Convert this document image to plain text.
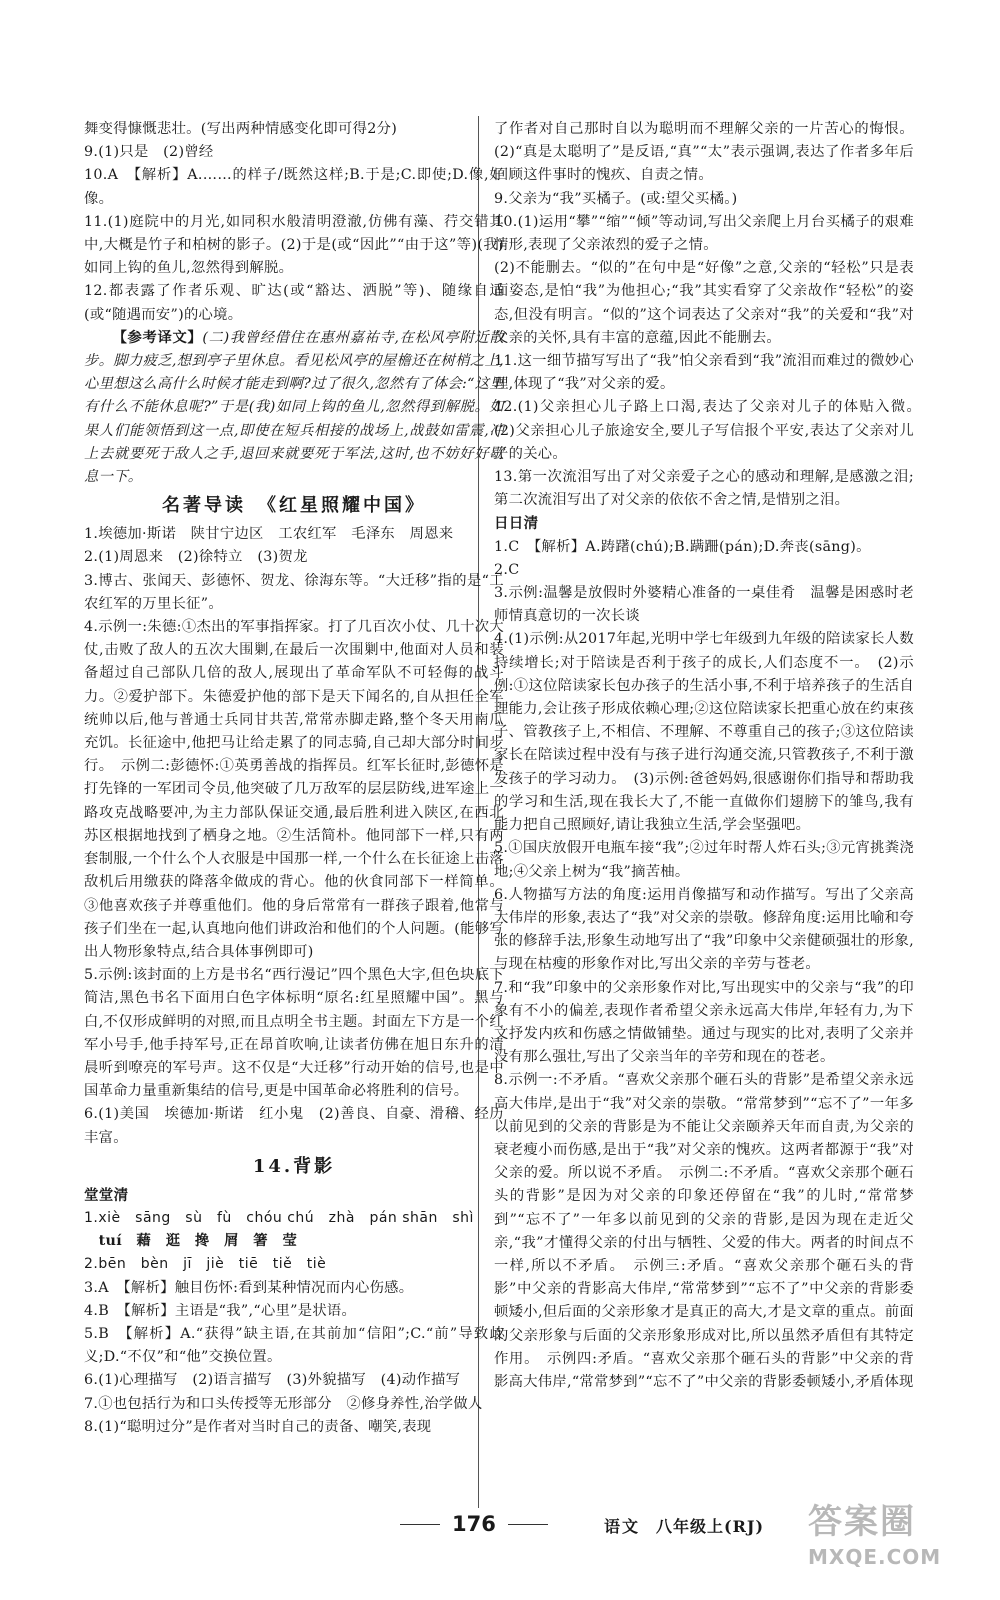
舞变得慷慨悲壮。(写出两种情感变化即可得2分)

9.(1)只是　(2)曾经

10.A　【解析】A.……的样子/既然这样;B.于是;C.即使;D.像,好像。

11.(1)庭院中的月光,如同积水般清明澄澈,仿佛有藻、荇交错其中,大概是竹子和柏树的影子。(2)于是(或“因此”“由于这”等)(我)如同上钩的鱼儿,忽然得到解脱。

12.都表露了作者乐观、旷达(或“豁达、洒脱”等)、随缘自适(或“随遇而安”)的心境。

【参考译文】(二)我曾经借住在惠州嘉祐寺,在松风亭附近散步。脚力疲乏,想到亭子里休息。看见松风亭的屋檐还在树梢之上,心里想这么高什么时候才能走到啊?过了很久,忽然有了体会:“这里有什么不能休息呢?”于是(我)如同上钩的鱼儿,忽然得到解脱。如果人们能领悟到这一点,即使在短兵相接的战场上,战鼓如雷震,冲上去就要死于敌人之手,退回来就要死于军法,这时,也不妨好好歇息一下。

名著导读　《红星照耀中国》

1.埃德加·斯诺　陕甘宁边区　工农红军　毛泽东　周恩来

2.(1)周恩来　(2)徐特立　(3)贺龙

3.博古、张闻天、彭德怀、贺龙、徐海东等。“大迁移”指的是“工农红军的万里长征”。

4.示例一:朱德:①杰出的军事指挥家。打了几百次小仗、几十次大仗,击败了敌人的五次大围剿,在最后一次围剿中,他面对人员和装备超过自己部队几倍的敌人,展现出了革命军队不可轻侮的战斗力。②爱护部下。朱德爱护他的部下是天下闻名的,自从担任全军统帅以后,他与普通士兵同甘共苦,常常赤脚走路,整个冬天用南瓜充饥。长征途中,他把马让给走累了的同志骑,自己却大部分时间步行。　示例二:彭德怀:①英勇善战的指挥员。红军长征时,彭德怀是打先锋的一军团司令员,他突破了几万敌军的层层防线,进军途上一路攻克战略要冲,为主力部队保证交通,最后胜利进入陕区,在西北苏区根据地找到了栖身之地。②生活简朴。他同部下一样,只有两套制服,一个什么个人衣服是中国那一样,一个什么在长征途上击落敌机后用缴获的降落伞做成的背心。他的伙食同部下一样简单。③他喜欢孩子并尊重他们。他的身后常常有一群孩子跟着,他常与孩子们坐在一起,认真地向他们讲政治和他们的个人问题。(能够写出人物形象特点,结合具体事例即可)

5.示例:该封面的上方是书名“西行漫记”四个黑色大字,但色块底下简洁,黑色书名下面用白色字体标明“原名:红星照耀中国”。黑与白,不仅形成鲜明的对照,而且点明全书主题。封面左下方是一个红军小号手,他手持军号,正在昂首吹响,让读者仿佛在旭日东升的清晨听到嘹亮的军号声。这不仅是“大迁移”行动开始的信号,也是中国革命力量重新集结的信号,更是中国革命必将胜利的信号。

6.(1)美国　埃德加·斯诺　红小鬼　(2)善良、自豪、滑稽、经历丰富。

14.背影
堂堂清

1.xiè　sāng　sù　fù　chóu chú　zhà　pán shān　shì

　tuí　藉　逛　搀　屑　箸　莹

2.bēn　bèn　jī　jiè　tiē　tiě　tiè

3.A　【解析】触目伤怀:看到某种情况而内心伤感。

4.B　【解析】主语是“我”,“心里”是状语。

5.B　【解析】A.“获得”缺主语,在其前加“信阳”;C.“前”导致歧义;D.“不仅”和“他”交换位置。

6.(1)心理描写　(2)语言描写　(3)外貌描写　(4)动作描写

7.①也包括行为和口头传授等无形部分　②修身养性,治学做人

8.(1)“聪明过分”是作者对当时自己的责备、嘲笑,表现

了作者对自己那时自以为聪明而不理解父亲的一片苦心的悔恨。(2)“真是太聪明了”是反语,“真”“太”表示强调,表达了作者多年后回顾这件事时的愧疚、自责之情。

9.父亲为“我”买橘子。(或:望父买橘。)

10.(1)运用“攀”“缩”“倾”等动词,写出父亲爬上月台买橘子的艰难情形,表现了父亲浓烈的爱子之情。

(2)不能删去。“似的”在句中是“好像”之意,父亲的“轻松”只是表面姿态,是怕“我”为他担心;“我”其实看穿了父亲故作“轻松”的姿态,但没有明言。“似的”这个词表达了父亲对“我”的关爱和“我”对父亲的关怀,具有丰富的意蕴,因此不能删去。

11.这一细节描写写出了“我”怕父亲看到“我”流泪而难过的微妙心理,体现了“我”对父亲的爱。

12.(1)父亲担心儿子路上口渴,表达了父亲对儿子的体贴入微。　(2)父亲担心儿子旅途安全,要儿子写信报个平安,表达了父亲对儿子的关心。

13.第一次流泪写出了对父亲爱子之心的感动和理解,是感激之泪;第二次流泪写出了对父亲的依依不舍之情,是惜别之泪。

日日清

1.C　【解析】A.踌躇(chú);B.蹒跚(pán);D.奔丧(sāng)。

2.C

3.示例:温馨是放假时外婆精心准备的一桌佳肴　温馨是困惑时老师情真意切的一次长谈

4.(1)示例:从2017年起,光明中学七年级到九年级的陪读家长人数持续增长;对于陪读是否利于孩子的成长,人们态度不一。　(2)示例:①这位陪读家长包办孩子的生活小事,不利于培养孩子的生活自理能力,会让孩子形成依赖心理;②这位陪读家长把重心放在约束孩子、管教孩子上,不相信、不理解、不尊重自己的孩子;③这位陪读家长在陪读过程中没有与孩子进行沟通交流,只管教孩子,不利于激发孩子的学习动力。　(3)示例:爸爸妈妈,很感谢你们指导和帮助我的学习和生活,现在我长大了,不能一直做你们翅膀下的雏鸟,我有能力把自己照顾好,请让我独立生活,学会坚强吧。

5.①国庆放假开电瓶车接“我”;②过年时帮人炸石头;③元宵挑粪浇地;④父亲上树为“我”摘苦柚。

6.人物描写方法的角度:运用肖像描写和动作描写。写出了父亲高大伟岸的形象,表达了“我”对父亲的崇敬。修辞角度:运用比喻和夸张的修辞手法,形象生动地写出了“我”印象中父亲健硕强壮的形象,与现在枯瘦的形象作对比,写出父亲的辛劳与苍老。

7.和“我”印象中的父亲形象作对比,写出现实中的父亲与“我”的印象有不小的偏差,表现作者希望父亲永远高大伟岸,年轻有力,为下文抒发内疚和伤感之情做铺垫。通过与现实的比对,表明了父亲并没有那么强壮,写出了父亲当年的辛劳和现在的苍老。

8.示例一:不矛盾。“喜欢父亲那个砸石头的背影”是希望父亲永远高大伟岸,是出于“我”对父亲的崇敬。“常常梦到”“忘不了”一年多以前见到的父亲的背影是为不能让父亲颐养天年而自责,为父亲的衰老瘦小而伤感,是出于“我”对父亲的愧疚。这两者都源于“我”对父亲的爱。所以说不矛盾。　示例二:不矛盾。“喜欢父亲那个砸石头的背影”是因为对父亲的印象还停留在“我”的儿时,“常常梦到”“忘不了”一年多以前见到的父亲的背影,是因为现在走近父亲,“我”才懂得父亲的付出与牺牲、父爱的伟大。两者的时间点不一样,所以不矛盾。　示例三:矛盾。“喜欢父亲那个砸石头的背影”中父亲的背影高大伟岸,“常常梦到”“忘不了”中父亲的背影委顿矮小,但后面的父亲形象才是真正的高大,才是文章的重点。前面的父亲形象与后面的父亲形象形成对比,所以虽然矛盾但有其特定作用。　示例四:矛盾。“喜欢父亲那个砸石头的背影”中父亲的背影高大伟岸,“常常梦到”“忘不了”中父亲的背影委顿矮小,矛盾体现

176	语文 八年级上(RJ) 答案圈
MXQE.COM
